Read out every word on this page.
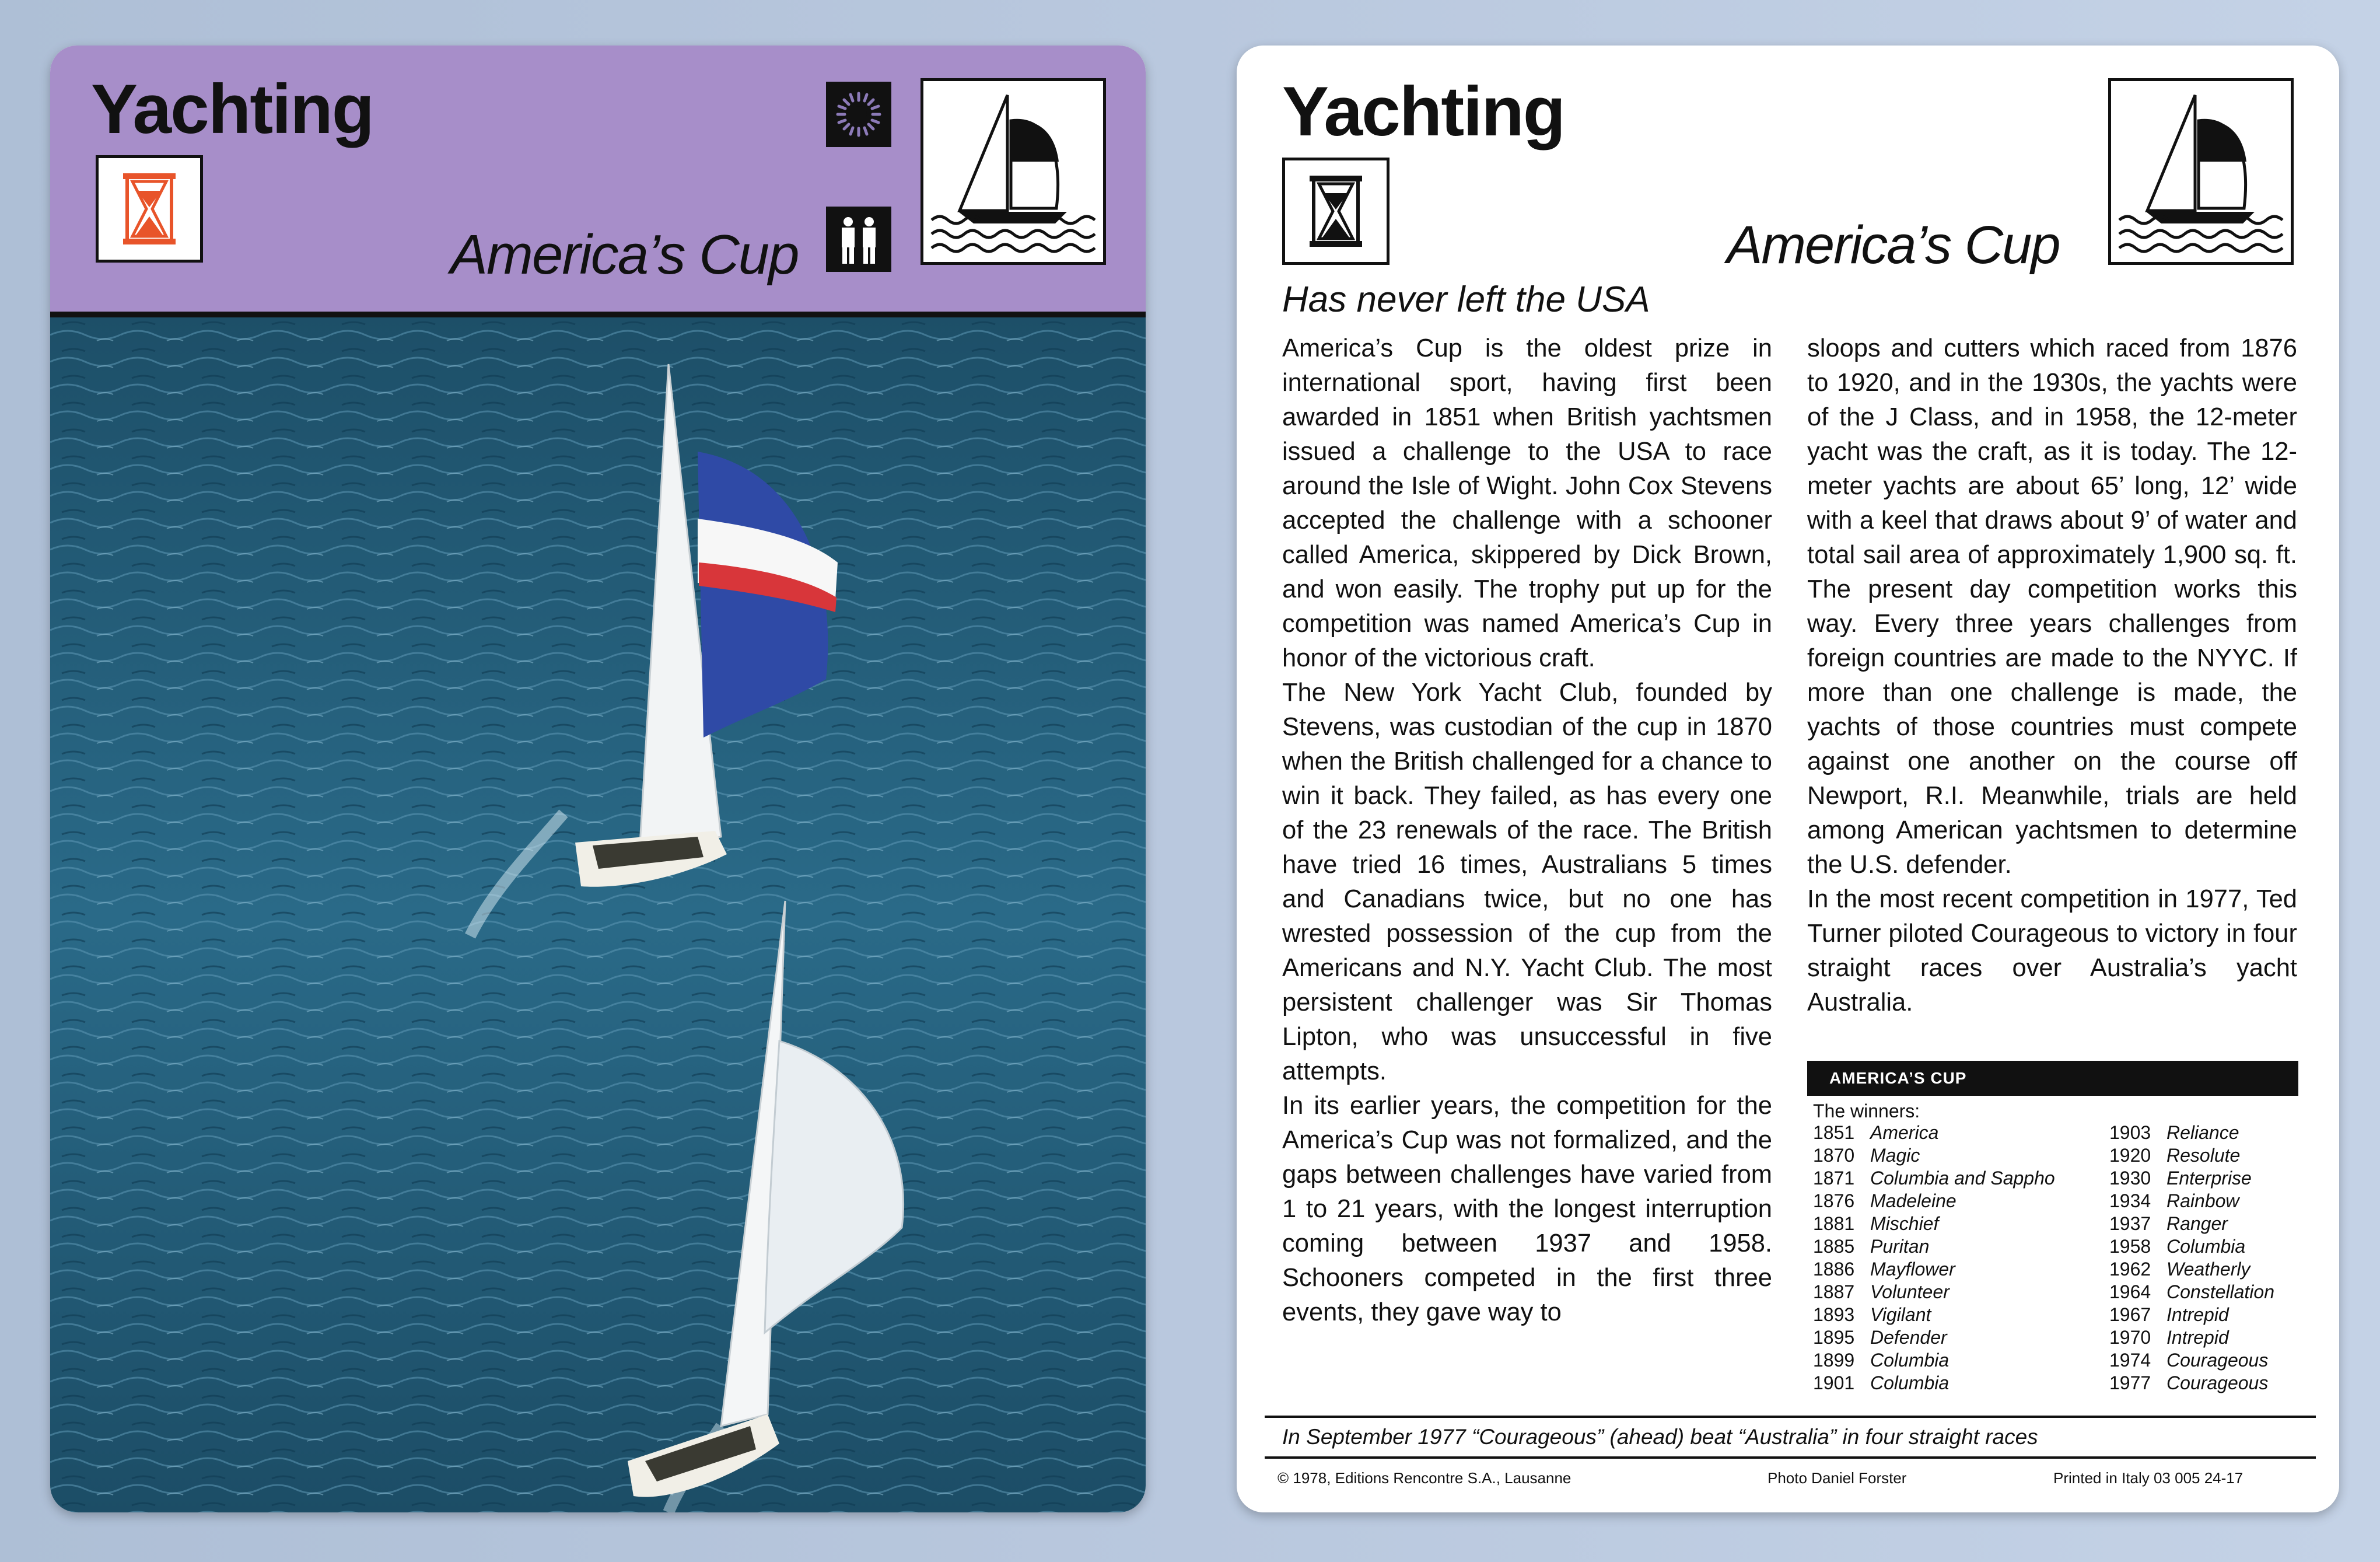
Yachting
America’s Cup
Yachting
America’s Cup
Has never left the USA

America’s Cup is the oldest prize in international sport, having first been awarded in 1851 when British yachtsmen issued a challenge to the USA to race around the Isle of Wight. John Cox Stevens accepted the challenge with a schooner called America, skippered by Dick Brown, and won easily. The trophy put up for the competition was named America’s Cup in honor of the victorious craft.

The New York Yacht Club, founded by Stevens, was custodian of the cup in 1870 when the British challenged for a chance to win it back. They failed, as has every one of the 23 renewals of the race. The British have tried 16 times, Australians 5 times and Canadians twice, but no one has wrested possession of the cup from the Americans and N.Y. Yacht Club. The most persistent challenger was Sir Thomas Lipton, who was unsuccessful in five attempts.

In its earlier years, the competition for the America’s Cup was not formalized, and the gaps between challenges have varied from 1 to 21 years, with the longest interruption coming between 1937 and 1958. Schooners competed in the first three events, they gave way to

sloops and cutters which raced from 1876 to 1920, and in the 1930s, the yachts were of the J Class, and in 1958, the 12-meter yacht was the craft, as it is today. The 12-meter yachts are about 65’ long, 12’ wide with a keel that draws about 9’ of water and total sail area of approximately 1,900 sq. ft. The present day competition works this way. Every three years challenges from foreign countries are made to the NYYC. If more than one challenge is made, the yachts of those countries must compete against one another on the course off Newport, R.I. Meanwhile, trials are held among American yachtsmen to determine the U.S. defender.

In the most recent competition in 1977, Ted Turner piloted Courageous to victory in four straight races over Australia’s yacht Australia.

AMERICA’S CUP
The winners:
1851 America
1870 Magic
1871 Columbia and Sappho
1876 Madeleine
1881 Mischief
1885 Puritan
1886 Mayflower
1887 Volunteer
1893 Vigilant
1895 Defender
1899 Columbia
1901 Columbia
1903 Reliance
1920 Resolute
1930 Enterprise
1934 Rainbow
1937 Ranger
1958 Columbia
1962 Weatherly
1964 Constellation
1967 Intrepid
1970 Intrepid
1974 Courageous
1977 Courageous
In September 1977 “Courageous” (ahead) beat “Australia” in four straight races
© 1978, Editions Rencontre S.A., Lausanne	Photo Daniel Forster	Printed in Italy 03 005 24-17
